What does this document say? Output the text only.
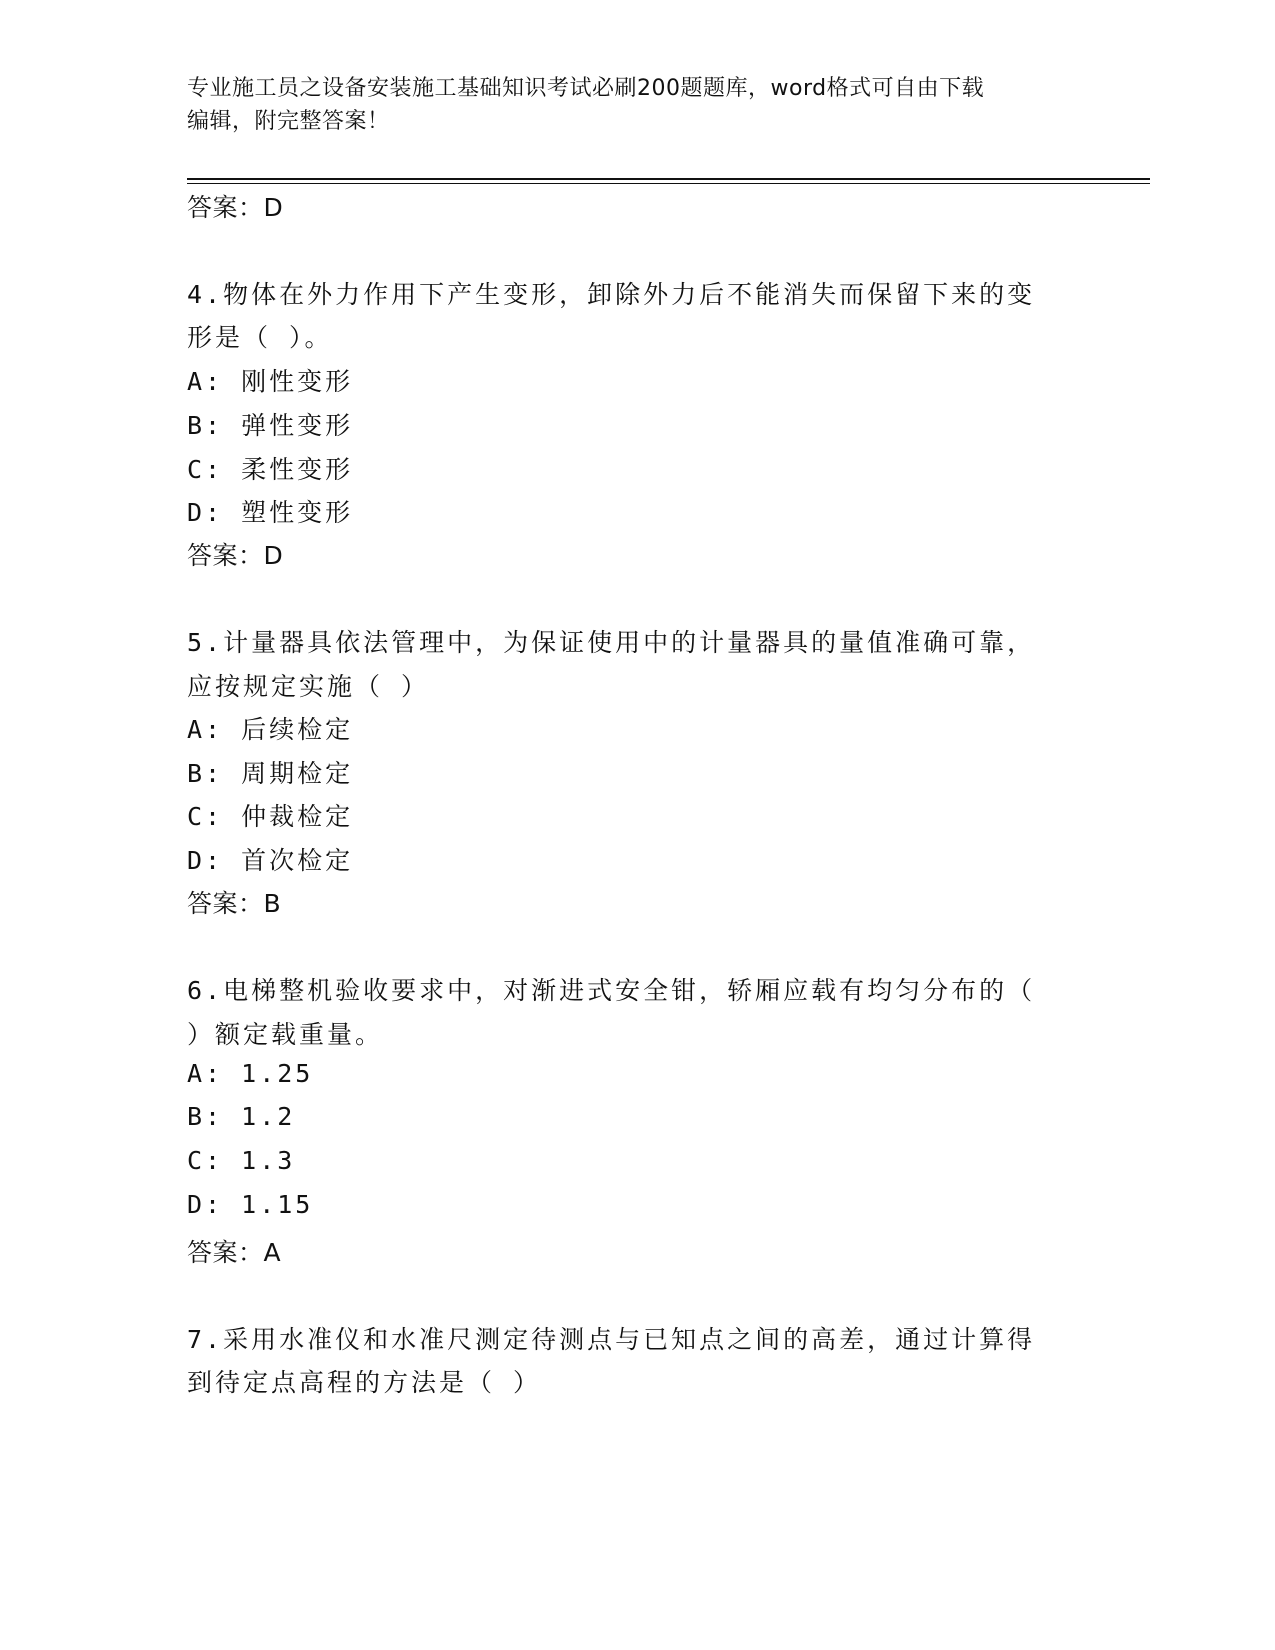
专业施工员之设备安装施工基础知识考试必刷200题题库，word格式可自由下载
编辑，附完整答案！
答案：D
4.物体在外力作用下产生变形，卸除外力后不能消失而保留下来的变
形是（ ）。
A: 刚性变形
B: 弹性变形
C: 柔性变形
D: 塑性变形
答案：D
5.计量器具依法管理中，为保证使用中的计量器具的量值准确可靠，
应按规定实施（ ）
A: 后续检定
B: 周期检定
C: 仲裁检定
D: 首次检定
答案：B
6.电梯整机验收要求中，对渐进式安全钳，轿厢应载有均匀分布的（
）额定载重量。
A: 1.25
B: 1.2
C: 1.3
D: 1.15
答案：A
7.采用水准仪和水准尺测定待测点与已知点之间的高差，通过计算得
到待定点高程的方法是（ ）
